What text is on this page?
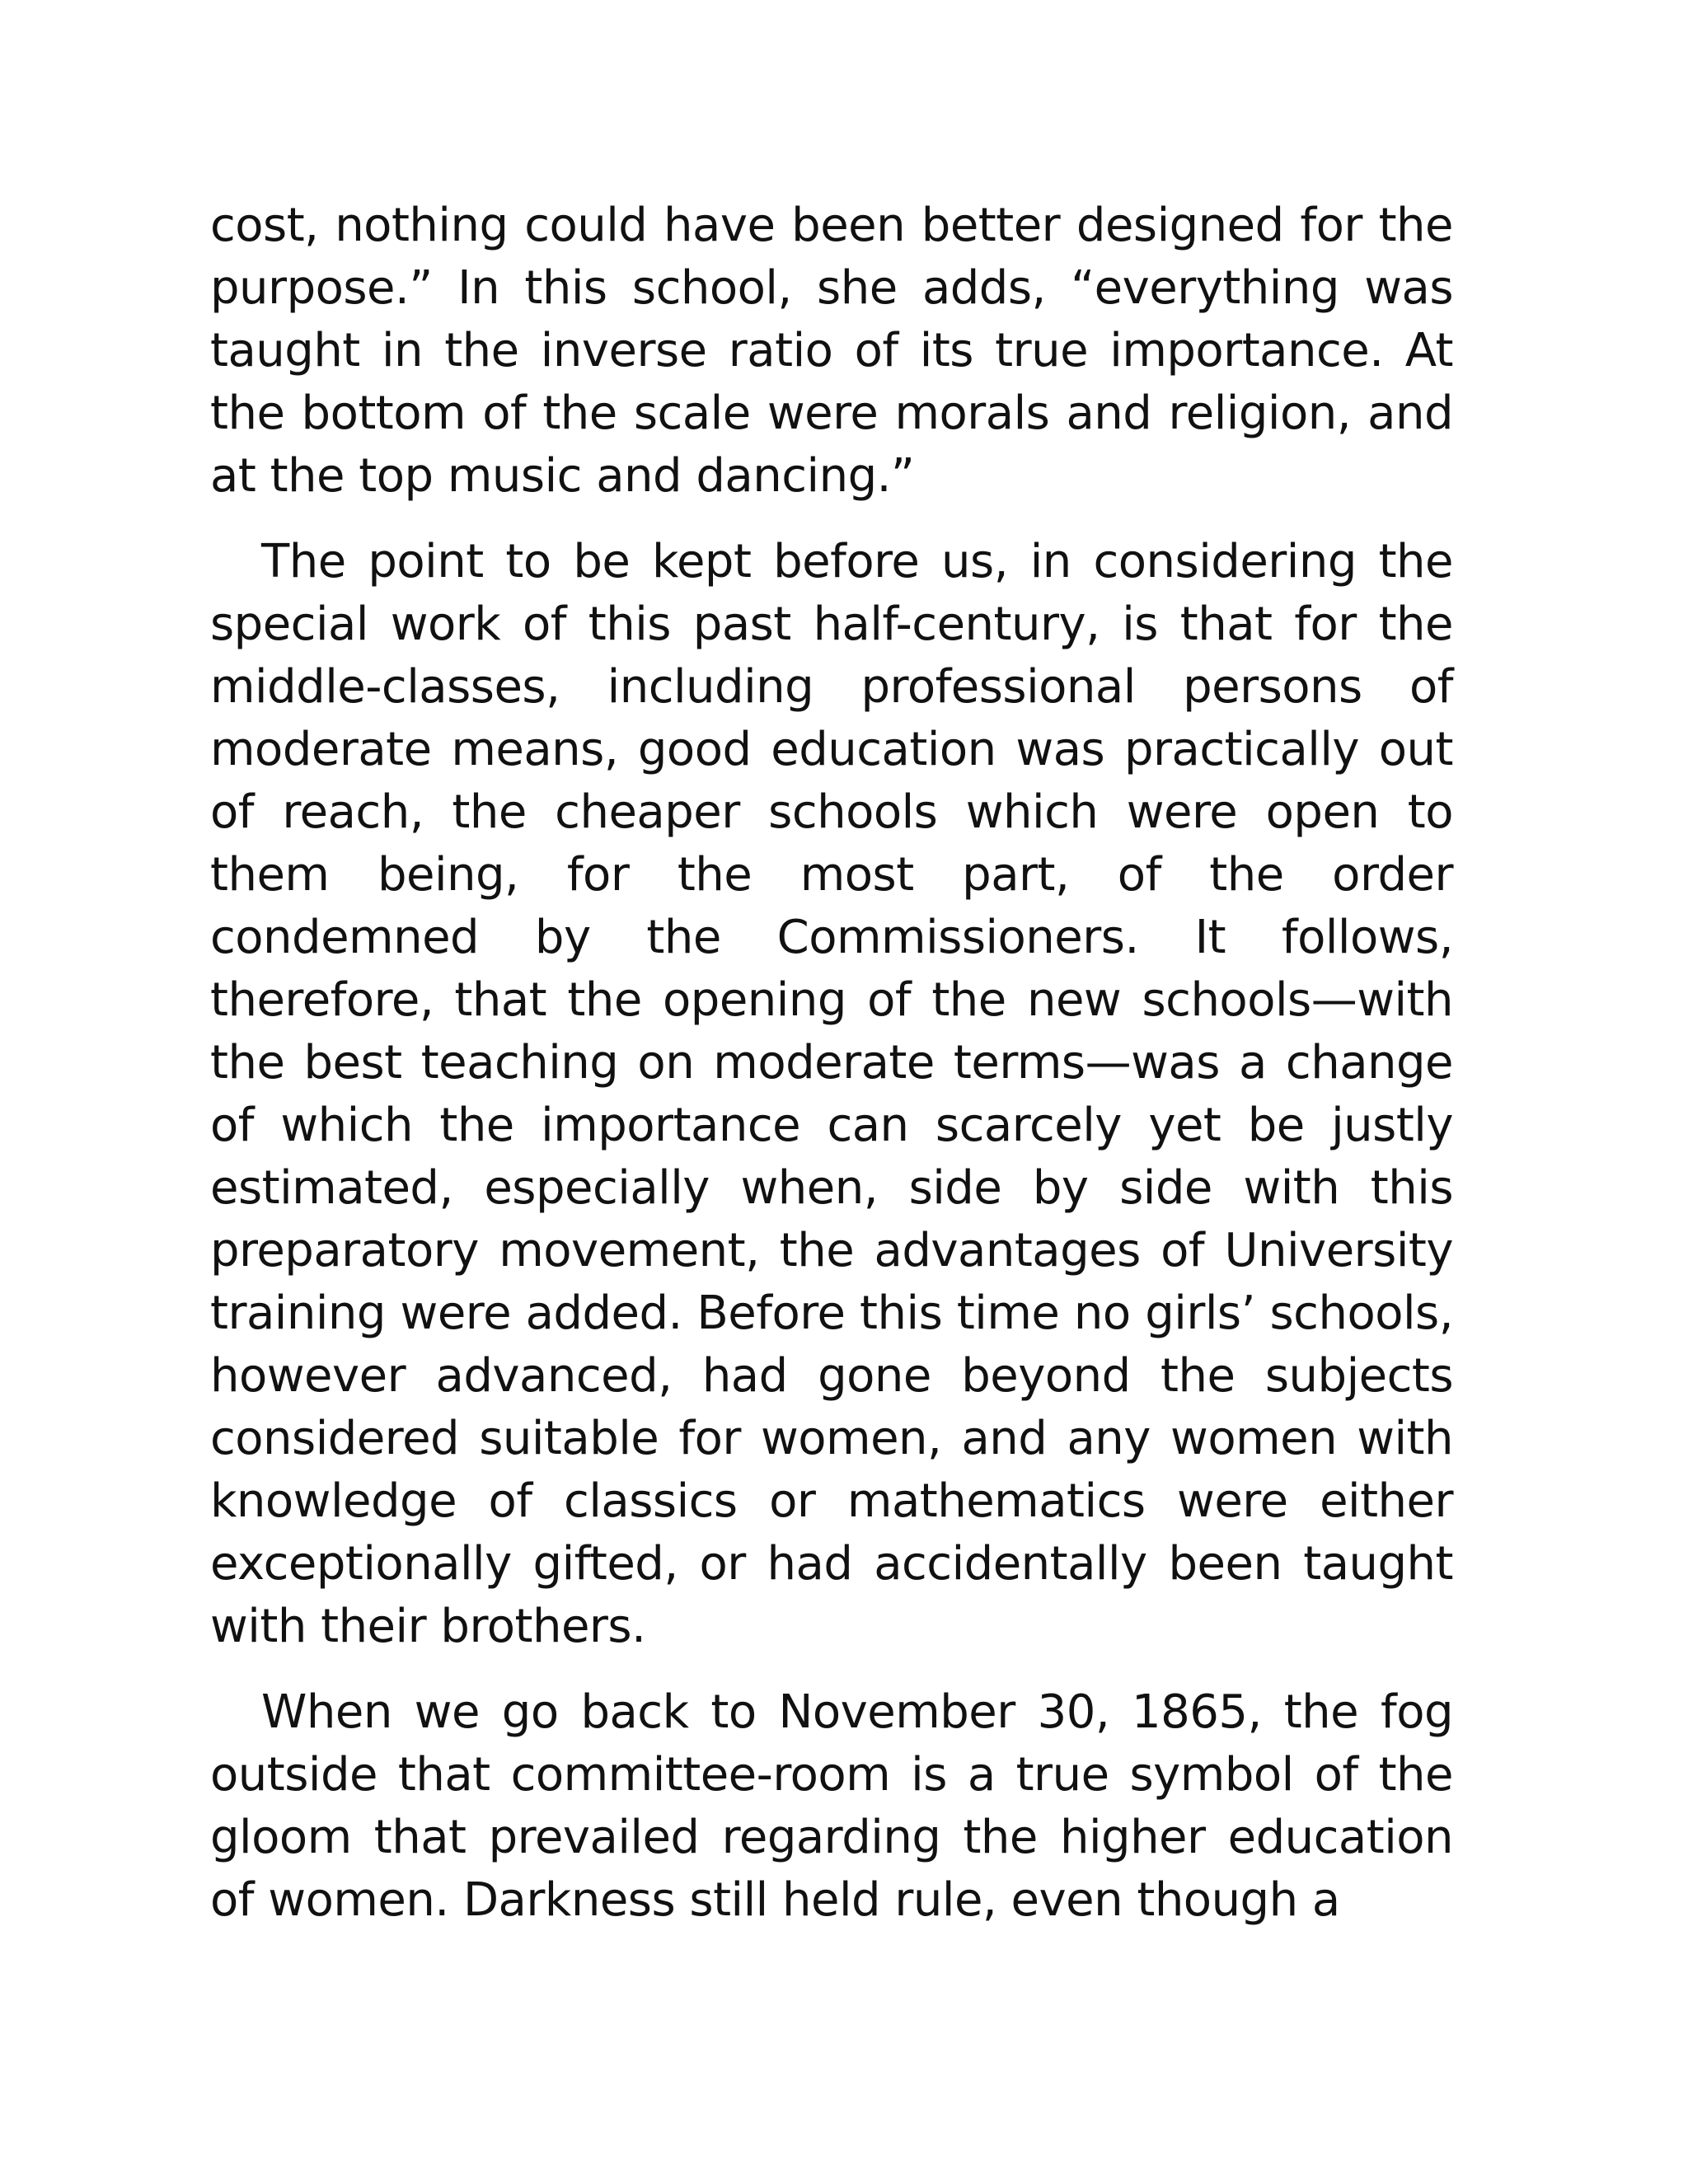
cost, nothing could have been better designed for the purpose.” In this school, she adds, “everything was taught in the inverse ratio of its true importance. At the bottom of the scale were morals and religion, and at the top music and dancing.”

The point to be kept before us, in considering the special work of this past half-century, is that for the middle-classes, including professional persons of moderate means, good education was practically out of reach, the cheaper schools which were open to them being, for the most part, of the order condemned by the Commissioners. It follows, therefore, that the opening of the new schools—with the best teaching on moderate terms—was a change of which the importance can scarcely yet be justly estimated, especially when, side by side with this preparatory movement, the advantages of University training were added. Before this time no girls’ schools, however advanced, had gone beyond the subjects considered suitable for women, and any women with knowledge of classics or mathematics were either exceptionally gifted, or had accidentally been taught with their brothers.

When we go back to November 30, 1865, the fog outside that committee-room is a true symbol of the gloom that prevailed regarding the higher education of women. Darkness still held rule, even though a
